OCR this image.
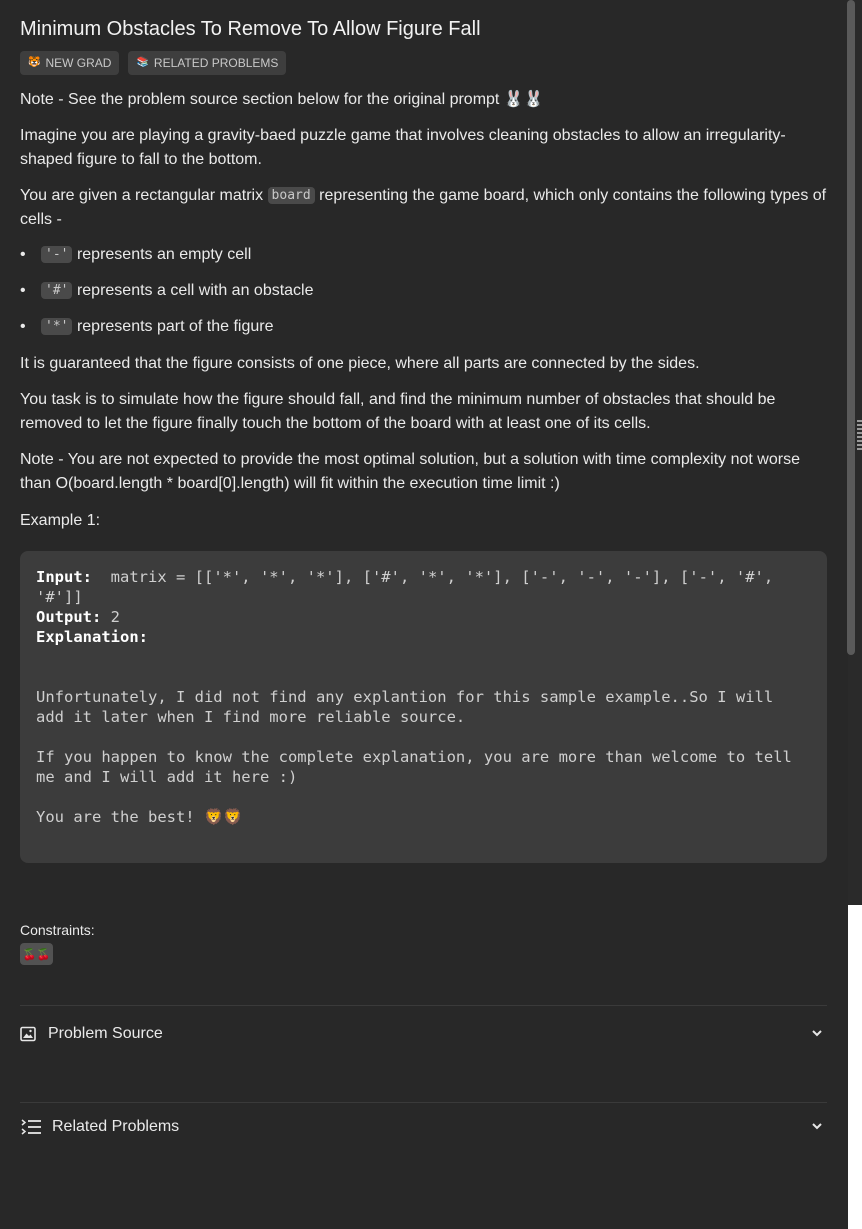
Minimum Obstacles To Remove To Allow Figure Fall
🐯 NEW GRAD	📚 RELATED PROBLEMS

Note - See the problem source section below for the original prompt 🐰🐰

Imagine you are playing a gravity-baed puzzle game that involves cleaning obstacles to allow an irregularity-shaped figure to fall to the bottom.

You are given a rectangular matrix board representing the game board, which only contains the following types of cells -

• '-' represents an empty cell
• '#' represents a cell with an obstacle
• '*' represents part of the figure

It is guaranteed that the figure consists of one piece, where all parts are connected by the sides.

You task is to simulate how the figure should fall, and find the minimum number of obstacles that should be removed to let the figure finally touch the bottom of the board with at least one of its cells.

Note - You are not expected to provide the most optimal solution, but a solution with time complexity not worse than O(board.length * board[0].length) will fit within the execution time limit :)

Example 1:
Input:  matrix = [['*', '*', '*'], ['#', '*', '*'], ['-', '-', '-'], ['-', '#',
'#']]
Output: 2
Explanation:

Unfortunately, I did not find any explantion for this sample example..So I will
add it later when I find more reliable source.

If you happen to know the complete explanation, you are more than welcome to tell
me and I will add it here :)

You are the best! 🦁🦁
Constraints:
Problem Source
Related Problems
🍒🍒
